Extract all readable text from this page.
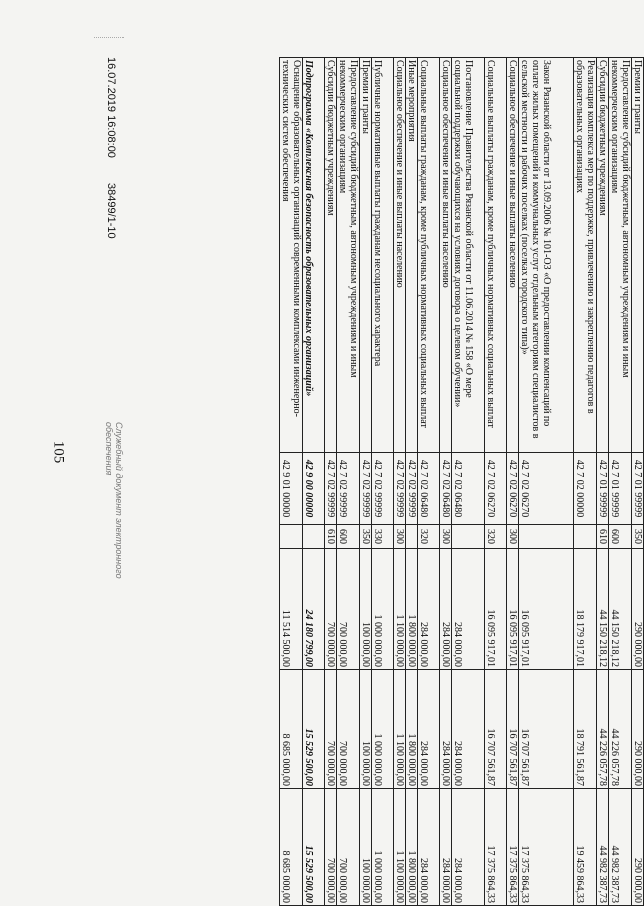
105
Премии и гранты	42 7 01 99999	350	290 000,00	290 000,00	290 000,00
Предоставление субсидий бюджетным, автономным учреждениям и иным некоммерческим организациям	42 7 01 99999	600	44 150 218,12	44 226 057,78	44 982 387,73
Субсидии бюджетным учреждениям	42 7 01 99999	610	44 150 218,12	44 226 057,78	44 982 387,73
Реализация комплекса мер по поддержке, привлечению и закреплению педагогов в образовательных организациях	42 7 02 00000		18 179 917,01	18 791 561,87	19 459 864,33
Закон Рязанской области от 13.09.2006 № 101-ОЗ «О предоставлении компенсаций по оплате жилых помещений и коммунальных услуг отдельным категориям специалистов в сельской местности и рабочих поселках (поселках городского типа)»	42 7 02 06270		16 095 917,01	16 707 561,87	17 375 864,33
Социальное обеспечение и иные выплаты населению	42 7 02 06270	300	16 095 917,01	16 707 561,87	17 375 864,33
Социальные выплаты гражданам, кроме публичных нормативных социальных выплат	42 7 02 06270	320	16 095 917,01	16 707 561,87	17 375 864,33
Постановление Правительства Рязанской области от 11.06.2014 № 158 «О мере социальной поддержки обучающихся на условиях договора о целевом обучении»	42 7 02 06480		284 000,00	284 000,00	284 000,00
Социальное обеспечение и иные выплаты населению	42 7 02 06480	300	284 000,00	284 000,00	284 000,00
Социальные выплаты гражданам, кроме публичных нормативных социальных выплат	42 7 02 06480	320	284 000,00	284 000,00	284 000,00
Иные мероприятия	42 7 02 99999		1 800 000,00	1 800 000,00	1 800 000,00
Социальное обеспечение и иные выплаты населению	42 7 02 99999	300	1 100 000,00	1 100 000,00	1 100 000,00
Публичные нормативные выплаты гражданам несоциального характера	42 7 02 99999	330	1 000 000,00	1 000 000,00	1 000 000,00
Премии и гранты	42 7 02 99999	350	100 000,00	100 000,00	100 000,00
Предоставление субсидий бюджетным, автономным учреждениям и иным некоммерческим организациям	42 7 02 99999	600	700 000,00	700 000,00	700 000,00
Субсидии бюджетным учреждениям	42 7 02 99999	610	700 000,00	700 000,00	700 000,00
Подпрограмма «Комплексная безопасность образовательных организаций»	42 9 00 00000		24 180 799,00	15 529 500,00	15 529 500,00
Оснащение образовательных организаций современными комплексами инженерно-технических систем обеспечения	42 9 01 00000		11 514 500,00	8 685 000,00	8 685 000,00
16.07.2019 16:08:00 38499/1-10
Служебный документ электронного
обеспечения
